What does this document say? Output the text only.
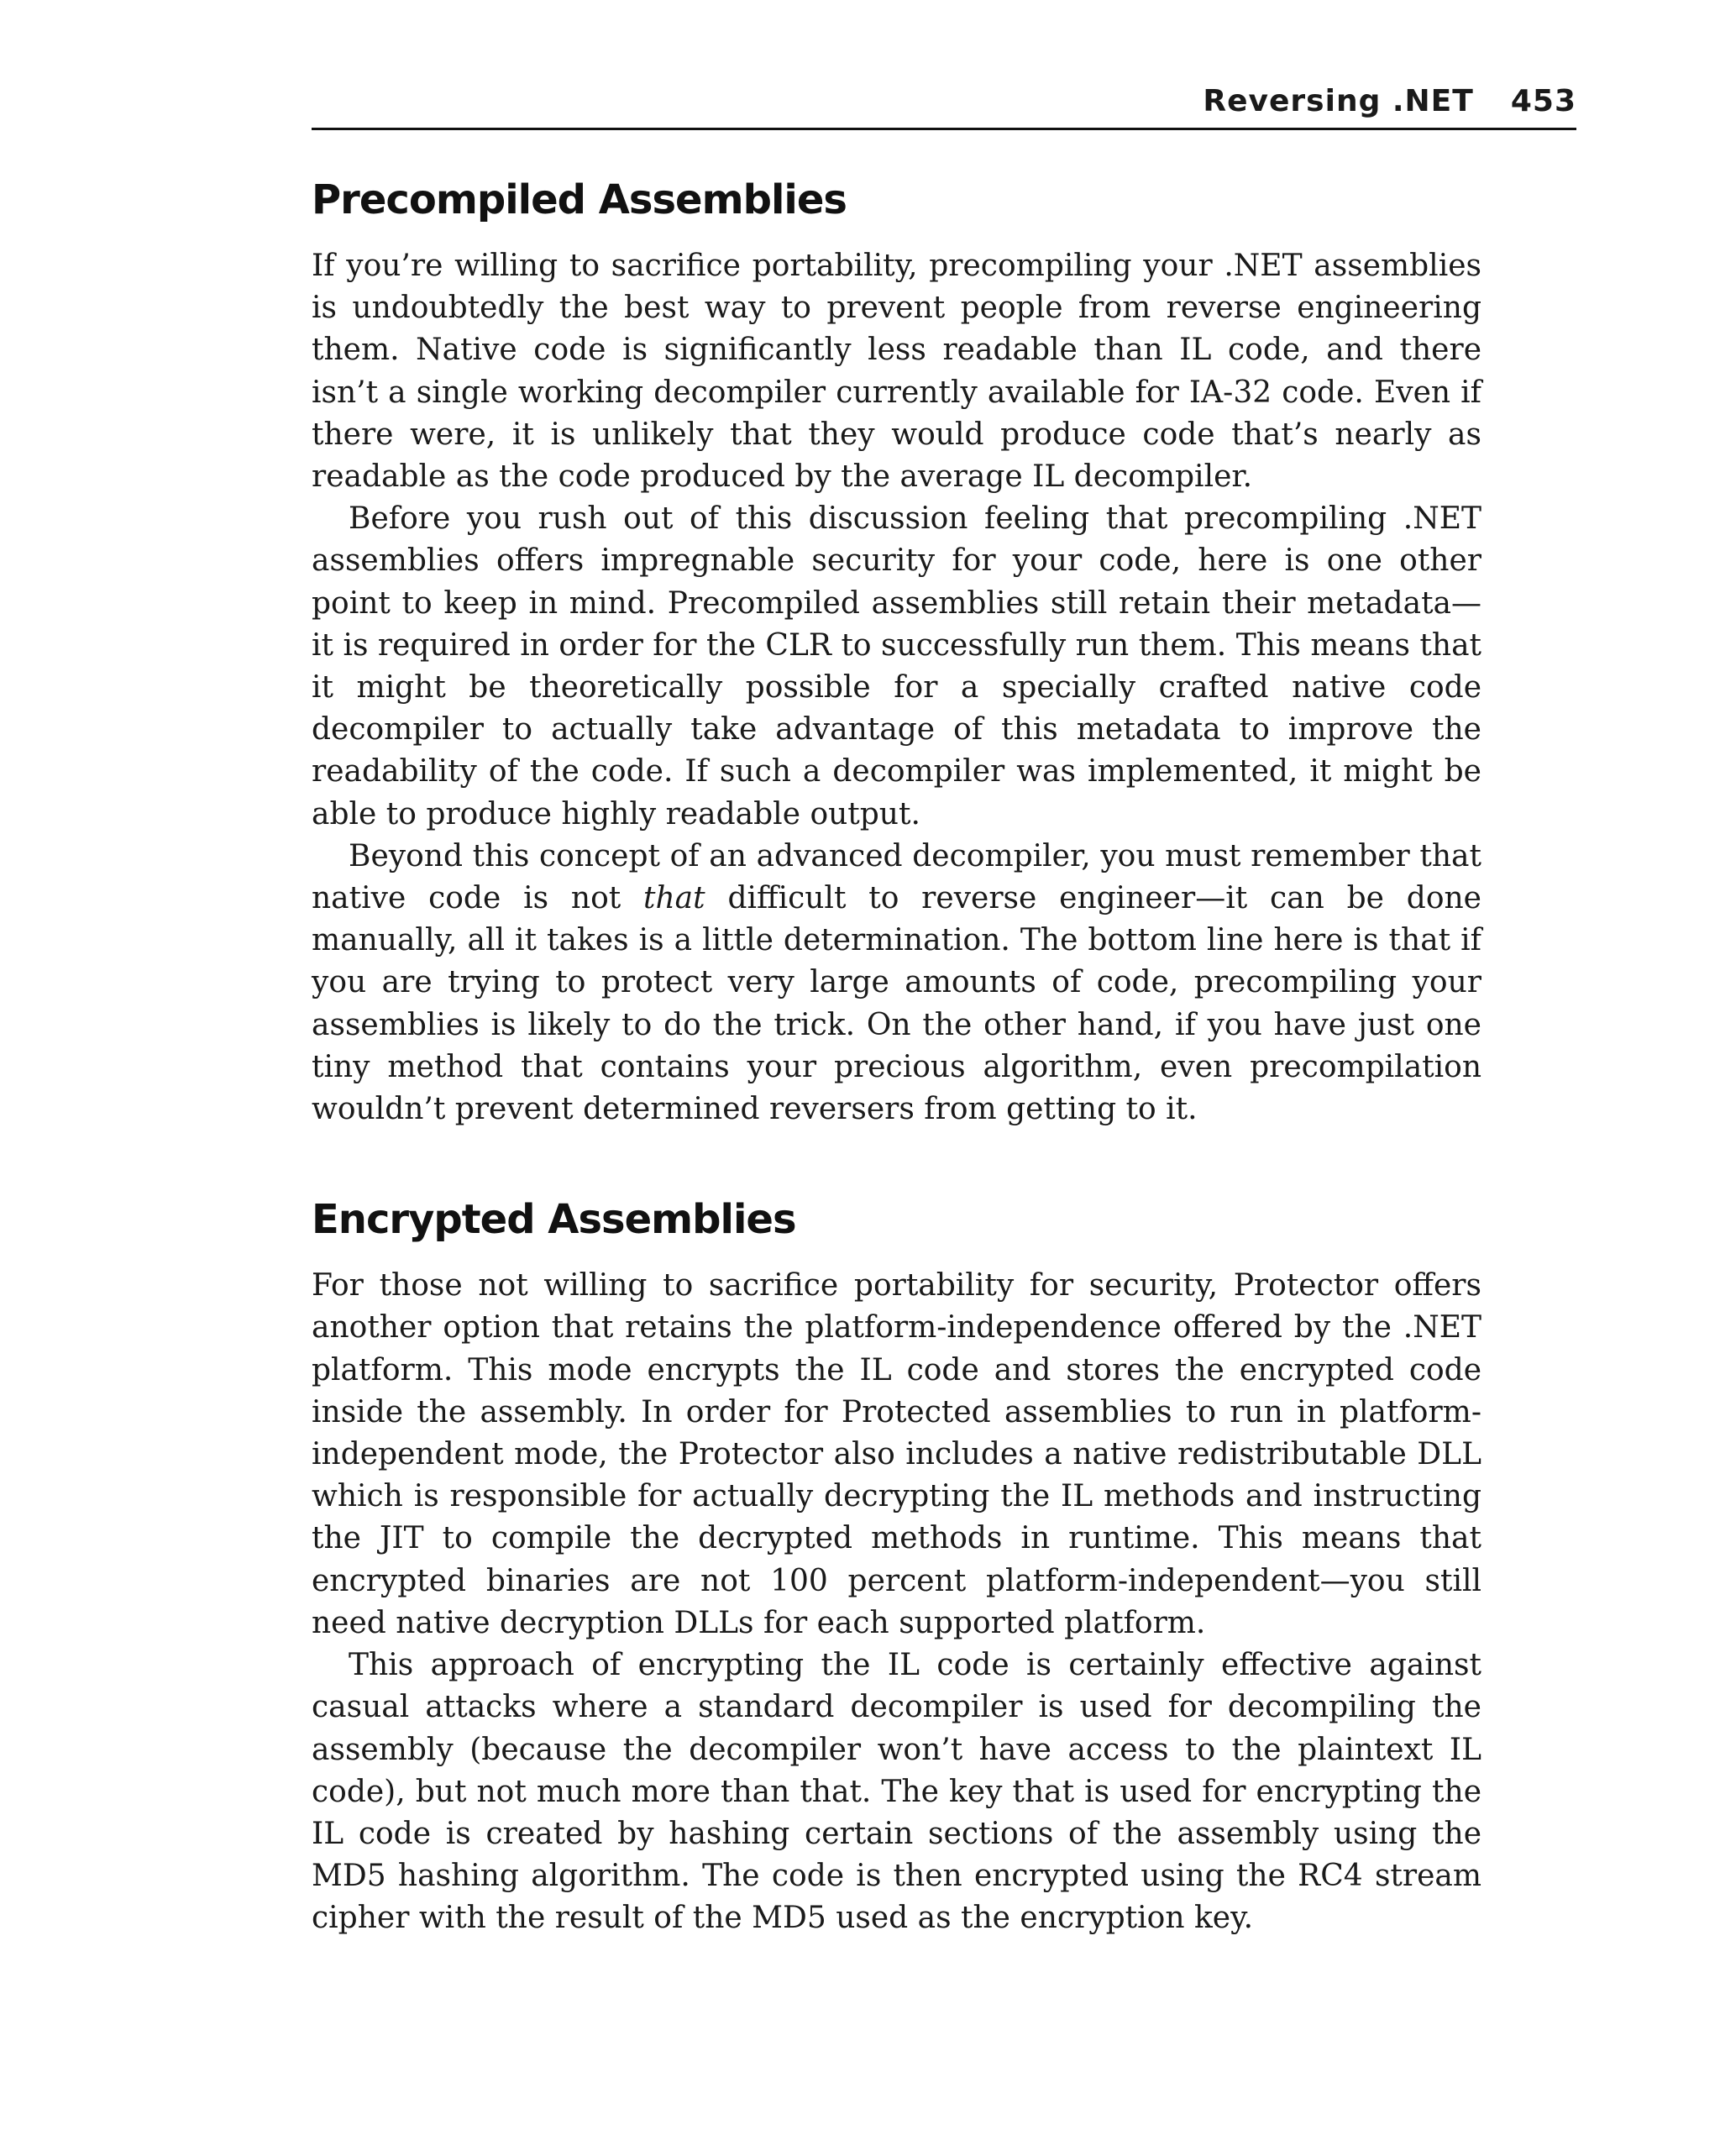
Reversing .NET 453
Precompiled Assemblies

If you’re willing to sacrifice portability, precompiling your .NET assemblies is undoubtedly the best way to prevent people from reverse engineering them. Native code is significantly less readable than IL code, and there isn’t a single working decompiler currently available for IA-32 code. Even if there were, it is unlikely that they would produce code that’s nearly as readable as the code produced by the average IL decompiler.

Before you rush out of this discussion feeling that precompiling .NET assemblies offers impregnable security for your code, here is one other point to keep in mind. Precompiled assemblies still retain their metadata—it is required in order for the CLR to successfully run them. This means that it might be theoretically possible for a specially crafted native code decompiler to actually take advantage of this metadata to improve the readability of the code. If such a decompiler was implemented, it might be able to produce highly readable output.

Beyond this concept of an advanced decompiler, you must remember that native code is not that difficult to reverse engineer—it can be done manually, all it takes is a little determination. The bottom line here is that if you are trying to protect very large amounts of code, precompiling your assemblies is likely to do the trick. On the other hand, if you have just one tiny method that contains your precious algorithm, even precompilation wouldn’t prevent determined reversers from getting to it.

Encrypted Assemblies

For those not willing to sacrifice portability for security, Protector offers another option that retains the platform-independence offered by the .NET platform. This mode encrypts the IL code and stores the encrypted code inside the assembly. In order for Protected assemblies to run in platform-independent mode, the Protector also includes a native redistributable DLL which is responsible for actually decrypting the IL methods and instructing the JIT to compile the decrypted methods in runtime. This means that encrypted binaries are not 100 percent platform-independent—you still need native decryption DLLs for each supported platform.

This approach of encrypting the IL code is certainly effective against casual attacks where a standard decompiler is used for decompiling the assembly (because the decompiler won’t have access to the plaintext IL code), but not much more than that. The key that is used for encrypting the IL code is created by hashing certain sections of the assembly using the MD5 hashing algorithm. The code is then encrypted using the RC4 stream cipher with the result of the MD5 used as the encryption key.
